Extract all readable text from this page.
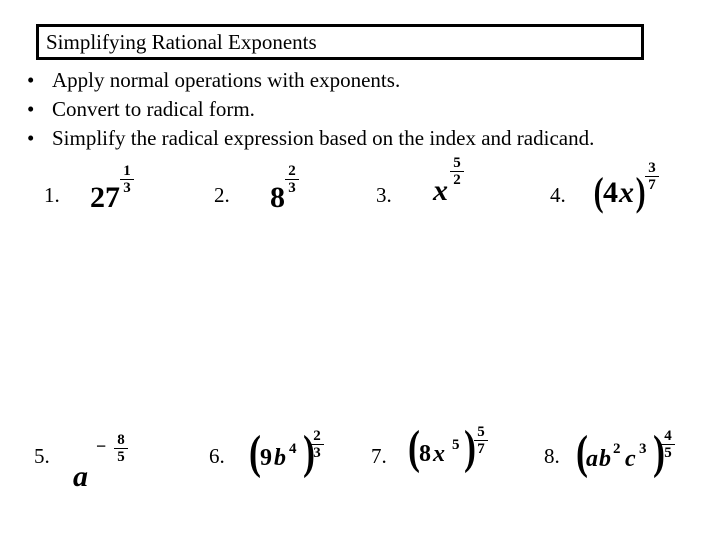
Simplifying Rational Exponents
• Apply normal operations with exponents.
• Convert to radical form.
• Simplify the radical expression based on the index and radicand.
1. 27
1
3	2. 8
2
3	3. x
5
2
4. ( 4 x )
3
7
5.
a
− 8
5	6. ( 9 b 4 )
2
3 7. ( 8 x 5 ) 5
7	8. (
a b 2 c 3 ) 4
5
